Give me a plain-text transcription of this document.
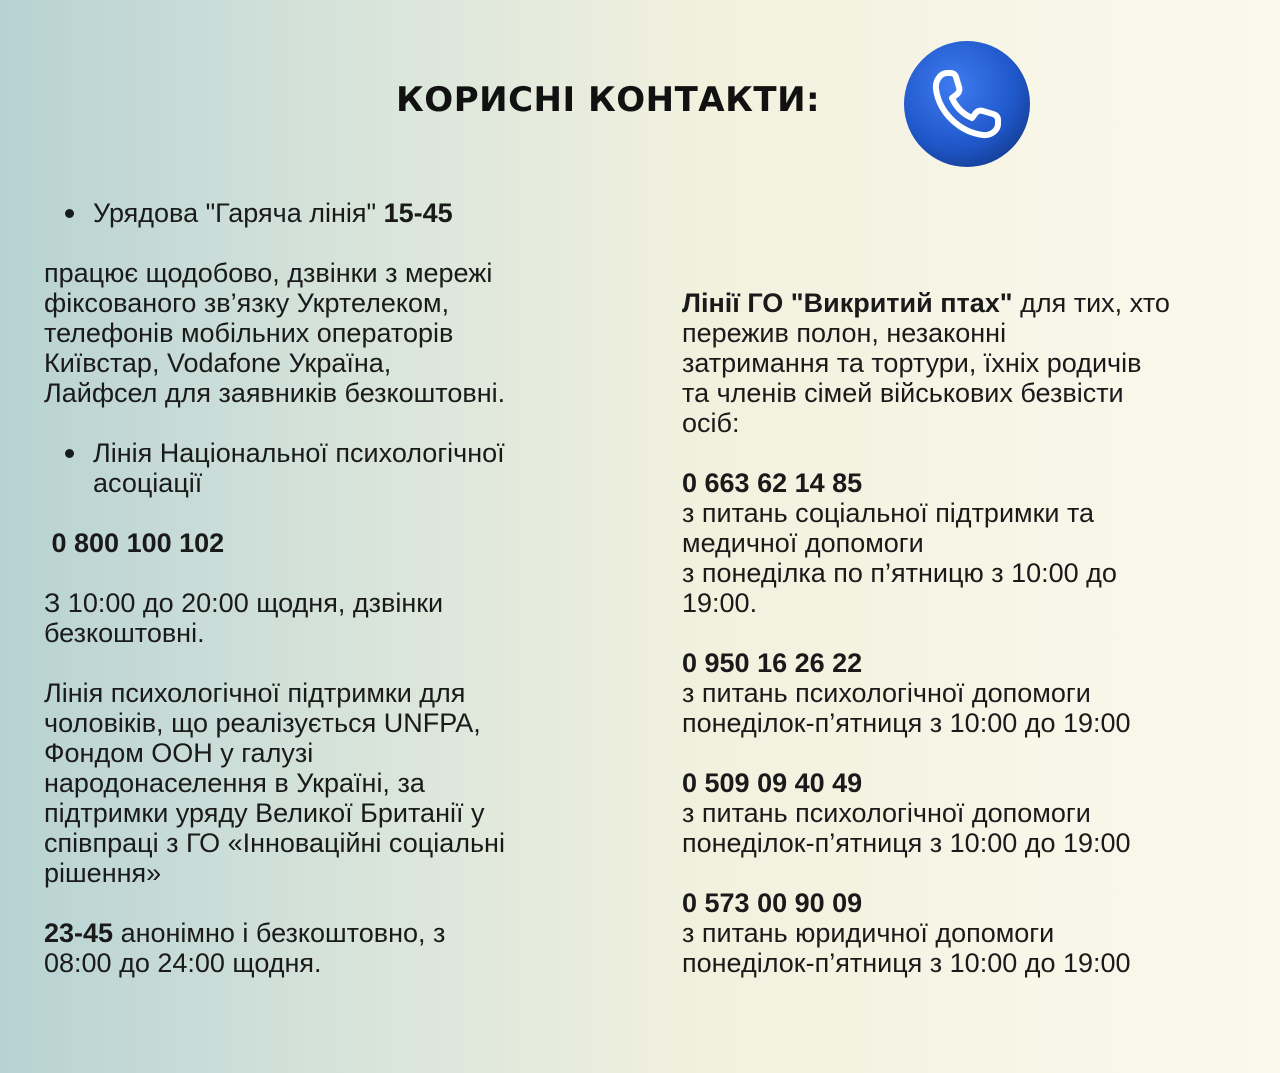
КОРИСНІ КОНТАКТИ:
Урядова "Гаряча лінія" 15-45
працює щодобово, дзвінки з мережі
фіксованого зв’язку Укртелеком,
телефонів мобільних операторів
Київстар, Vodafone Україна,
Лайфсел для заявників безкоштовні.
Лінія Національної психологічної
асоціації
0 800 100 102
З 10:00 до 20:00 щодня, дзвінки
безкоштовні.
Лінія психологічної підтримки для
чоловіків, що реалізується UNFPA,
Фондом ООН у галузі
народонаселення в Україні, за
підтримки уряду Великої Британії у
співпраці з ГО «Інноваційні соціальні
рішення»
23-45 анонімно і безкоштовно, з
08:00 до 24:00 щодня.
Лінії ГО "Викритий птах" для тих, хто
пережив полон, незаконні
затримання та тортури, їхніх родичів
та членів сімей військових безвісти
осіб:
0 663 62 14 85
з питань соціальної підтримки та
медичної допомоги
з понеділка по п’ятницю з 10:00 до
19:00.
0 950 16 26 22
з питань психологічної допомоги
понеділок-п’ятниця з 10:00 до 19:00
0 509 09 40 49
з питань психологічної допомоги
понеділок-п’ятниця з 10:00 до 19:00
0 573 00 90 09
з питань юридичної допомоги
понеділок-п’ятниця з 10:00 до 19:00
